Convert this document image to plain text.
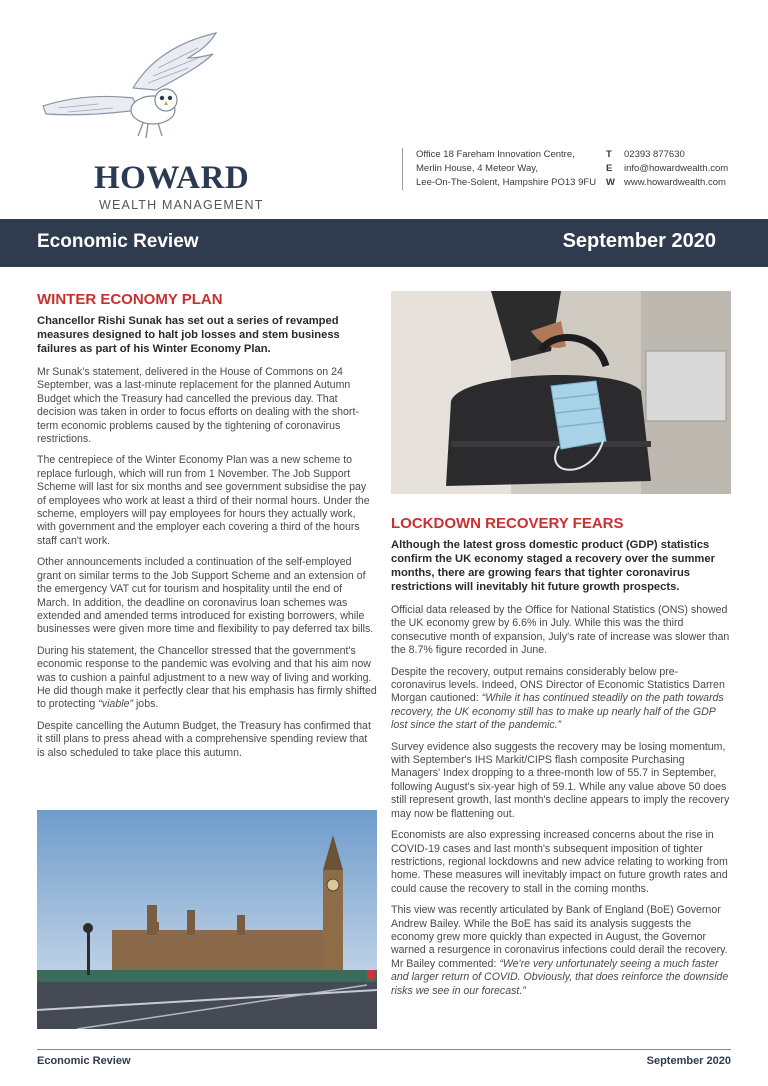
HOWARD
WEALTH MANAGEMENT
Office 18 Fareham Innovation Centre,
Merlin House, 4 Meteor Way,
Lee-On-The-Solent, Hampshire PO13 9FU
T 02393 877630
E info@howardwealth.com
W www.howardwealth.com
Economic Review	September 2020
WINTER ECONOMY PLAN
Chancellor Rishi Sunak has set out a series of revamped measures designed to halt job losses and stem business failures as part of his Winter Economy Plan.

Mr Sunak's statement, delivered in the House of Commons on 24 September, was a last-minute replacement for the planned Autumn Budget which the Treasury had cancelled the previous day. That decision was taken in order to focus efforts on dealing with the short-term economic problems caused by the tightening of coronavirus restrictions.

The centrepiece of the Winter Economy Plan was a new scheme to replace furlough, which will run from 1 November. The Job Support Scheme will last for six months and see government subsidise the pay of employees who work at least a third of their normal hours. Under the scheme, employers will pay employees for hours they actually work, with government and the employer each covering a third of the hours staff can't work.

Other announcements included a continuation of the self-employed grant on similar terms to the Job Support Scheme and an extension of the emergency VAT cut for tourism and hospitality until the end of March. In addition, the deadline on coronavirus loan schemes was extended and amended terms introduced for existing borrowers, while businesses were given more time and flexibility to pay deferred tax bills.

During his statement, the Chancellor stressed that the government's economic response to the pandemic was evolving and that his aim now was to cushion a painful adjustment to a new way of living and working. He did though make it perfectly clear that his emphasis has firmly shifted to protecting “viable” jobs.

Despite cancelling the Autumn Budget, the Treasury has confirmed that it still plans to press ahead with a comprehensive spending review that is also scheduled to take place this autumn.

LOCKDOWN RECOVERY FEARS
Although the latest gross domestic product (GDP) statistics confirm the UK economy staged a recovery over the summer months, there are growing fears that tighter coronavirus restrictions will inevitably hit future growth prospects.

Official data released by the Office for National Statistics (ONS) showed the UK economy grew by 6.6% in July. While this was the third consecutive month of expansion, July's rate of increase was slower than the 8.7% figure recorded in June.

Despite the recovery, output remains considerably below pre-coronavirus levels. Indeed, ONS Director of Economic Statistics Darren Morgan cautioned: “While it has continued steadily on the path towards recovery, the UK economy still has to make up nearly half of the GDP lost since the start of the pandemic.”

Survey evidence also suggests the recovery may be losing momentum, with September's IHS Markit/CIPS flash composite Purchasing Managers' Index dropping to a three-month low of 55.7 in September, following August's six-year high of 59.1. While any value above 50 does still represent growth, last month's decline appears to imply the recovery may now be flattening out.

Economists are also expressing increased concerns about the rise in COVID-19 cases and last month's subsequent imposition of tighter restrictions, regional lockdowns and new advice relating to working from home. These measures will inevitably impact on future growth rates and could cause the recovery to stall in the coming months.

This view was recently articulated by Bank of England (BoE) Governor Andrew Bailey. While the BoE has said its analysis suggests the economy grew more quickly than expected in August, the Governor warned a resurgence in coronavirus infections could derail the recovery. Mr Bailey commented: “We're very unfortunately seeing a much faster and larger return of COVID. Obviously, that does reinforce the downside risks we see in our forecast.”

Economic Review	September 2020
